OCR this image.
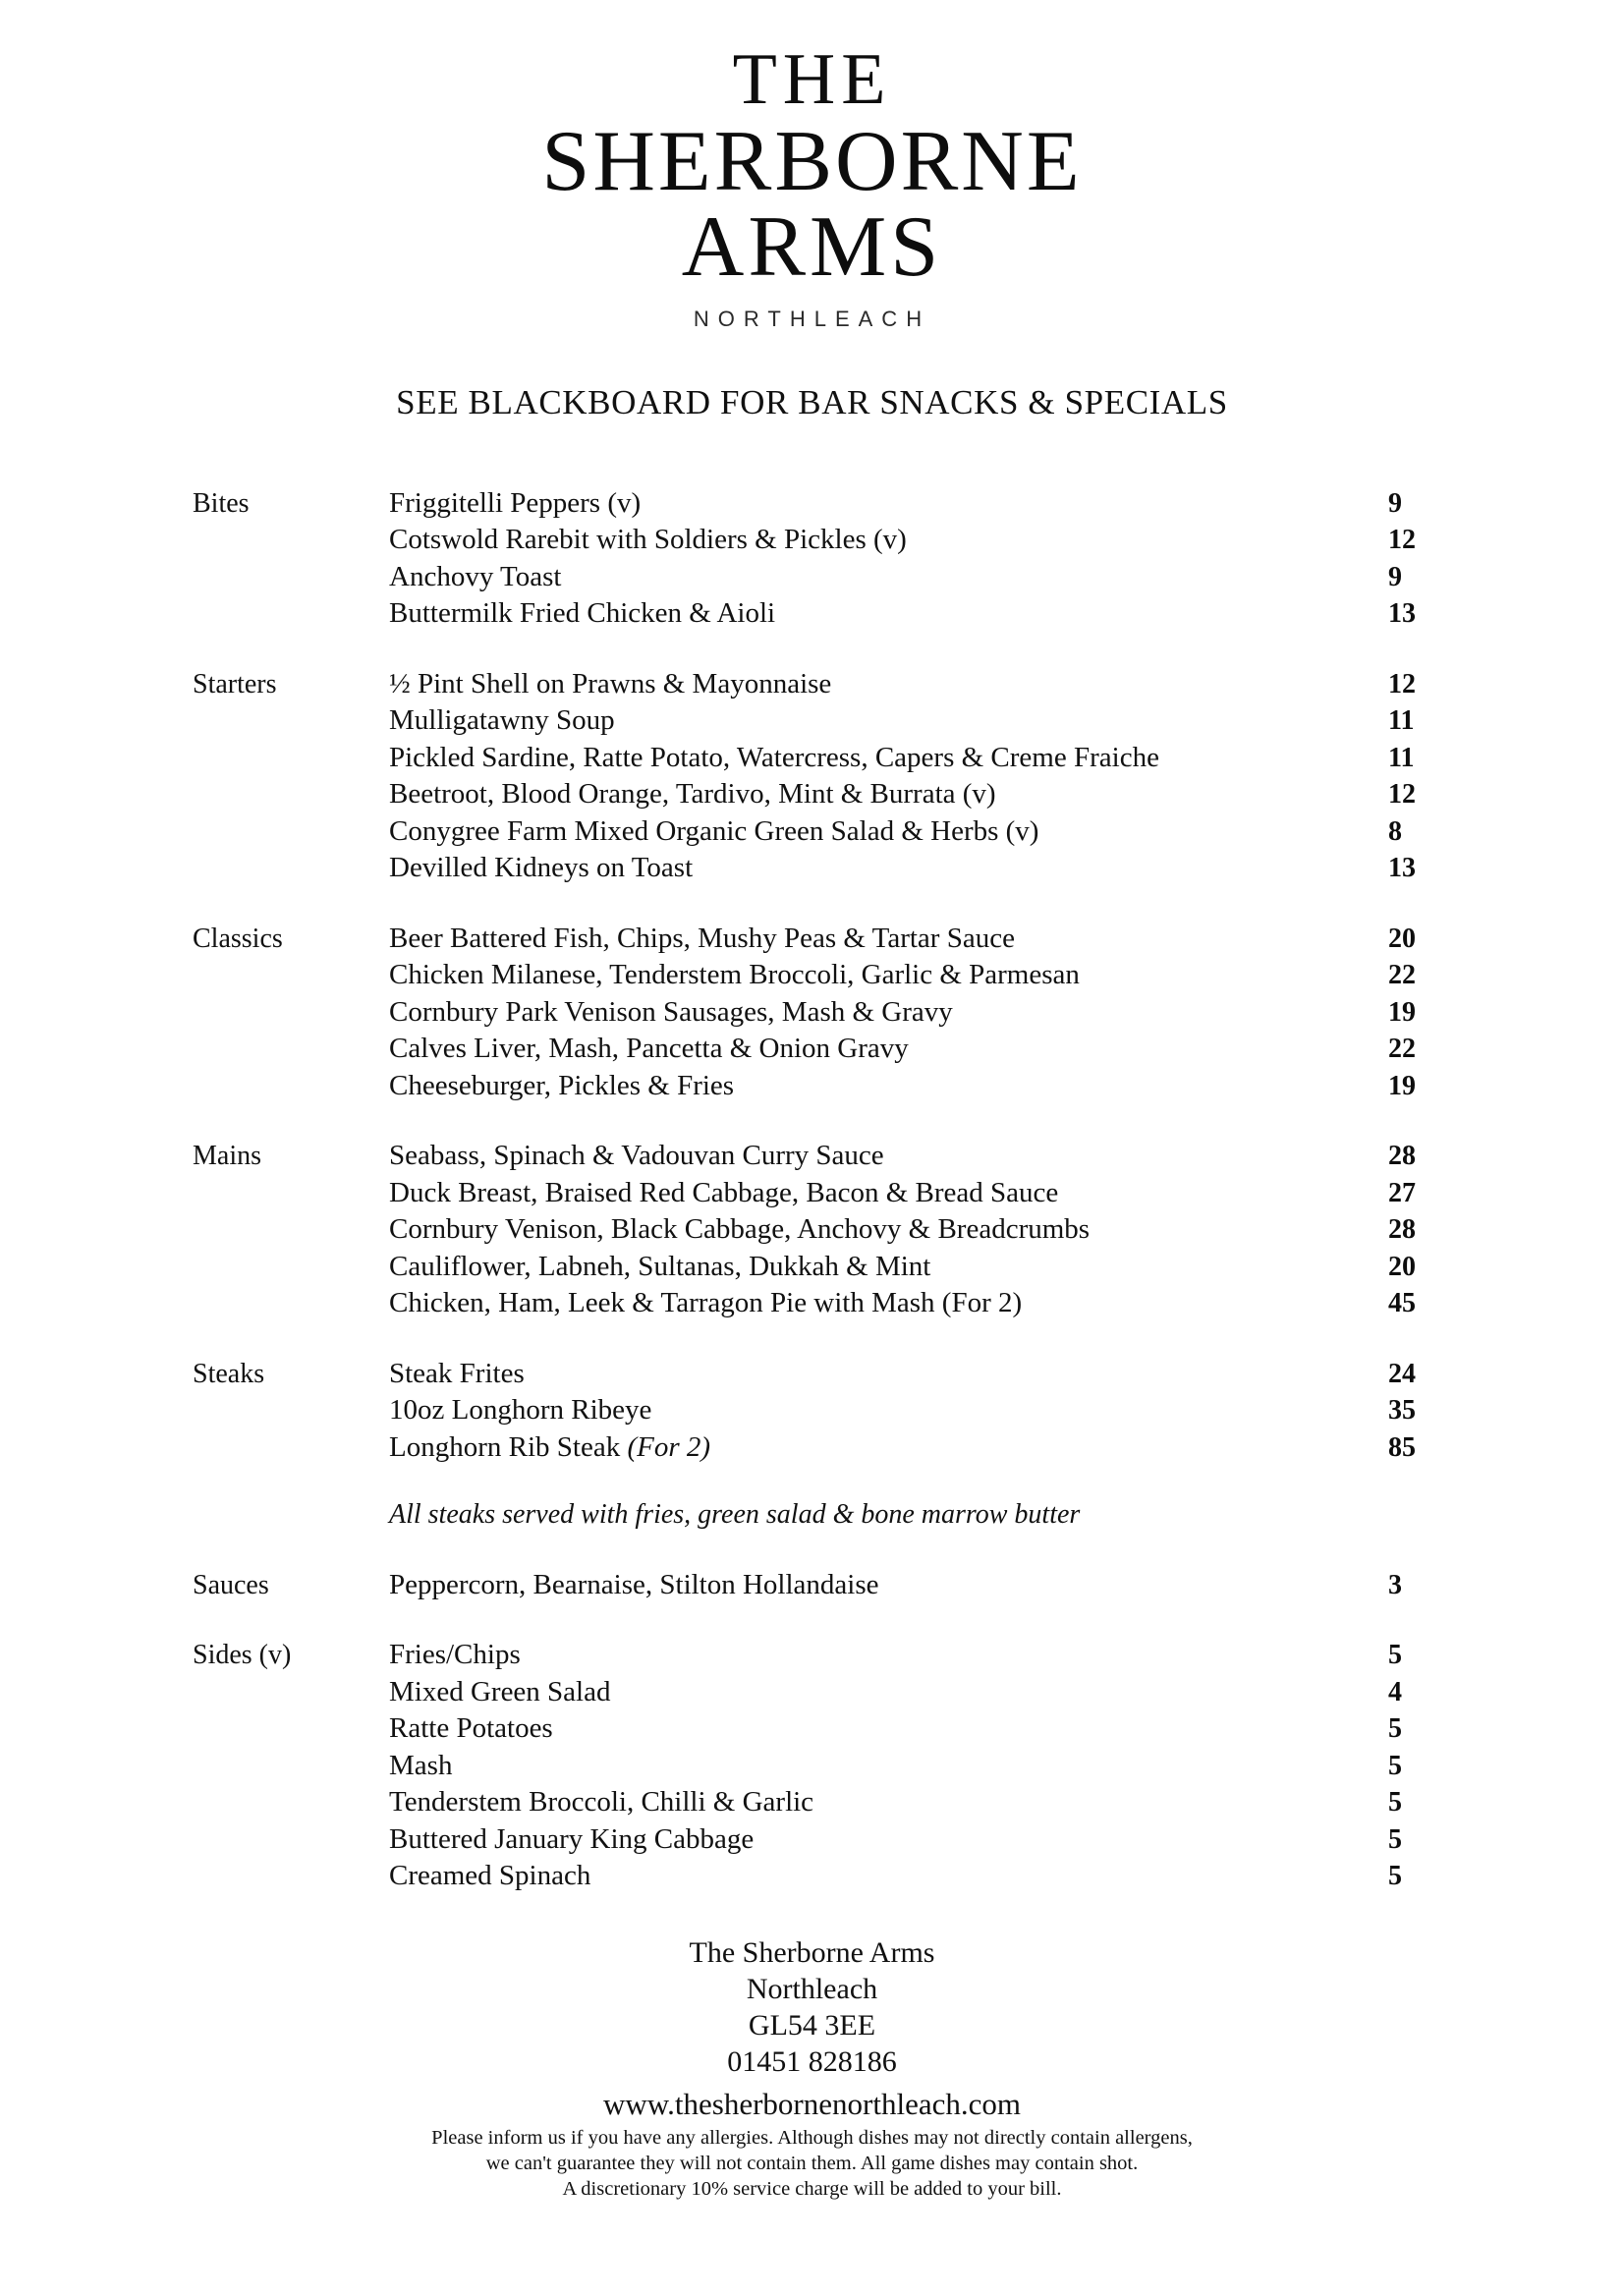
THE
SHERBORNE
ARMS
NORTHLEACH
SEE BLACKBOARD FOR BAR SNACKS & SPECIALS
Bites	Friggitelli Peppers (v)	9
Cotswold Rarebit with Soldiers & Pickles (v)	12
Anchovy Toast	9
Buttermilk Fried Chicken & Aioli	13
Starters	½ Pint Shell on Prawns & Mayonnaise	12
Mulligatawny Soup	11
Pickled Sardine, Ratte Potato, Watercress, Capers & Creme Fraiche	11
Beetroot, Blood Orange, Tardivo, Mint & Burrata (v)	12
Conygree Farm Mixed Organic Green Salad & Herbs (v)	8
Devilled Kidneys on Toast	13
Classics	Beer Battered Fish, Chips, Mushy Peas & Tartar Sauce	20
Chicken Milanese, Tenderstem Broccoli, Garlic & Parmesan	22
Cornbury Park Venison Sausages, Mash & Gravy	19
Calves Liver, Mash, Pancetta & Onion Gravy	22
Cheeseburger, Pickles & Fries	19
Mains	Seabass, Spinach & Vadouvan Curry Sauce	28
Duck Breast, Braised Red Cabbage, Bacon & Bread Sauce	27
Cornbury Venison, Black Cabbage, Anchovy & Breadcrumbs	28
Cauliflower, Labneh, Sultanas, Dukkah & Mint	20
Chicken, Ham, Leek & Tarragon Pie with Mash (For 2)	45
Steaks	Steak Frites	24
10oz Longhorn Ribeye	35
Longhorn Rib Steak (For 2)	85
All steaks served with fries, green salad & bone marrow butter
Sauces	Peppercorn, Bearnaise, Stilton Hollandaise	3
Sides (v)	Fries/Chips	5
Mixed Green Salad	4
Ratte Potatoes	5
Mash	5
Tenderstem Broccoli, Chilli & Garlic	5
Buttered January King Cabbage	5
Creamed Spinach	5
The Sherborne Arms
Northleach
GL54 3EE
01451 828186
www.thesherbornenorthleach.com
Please inform us if you have any allergies. Although dishes may not directly contain allergens,
we can't guarantee they will not contain them. All game dishes may contain shot.
A discretionary 10% service charge will be added to your bill.
